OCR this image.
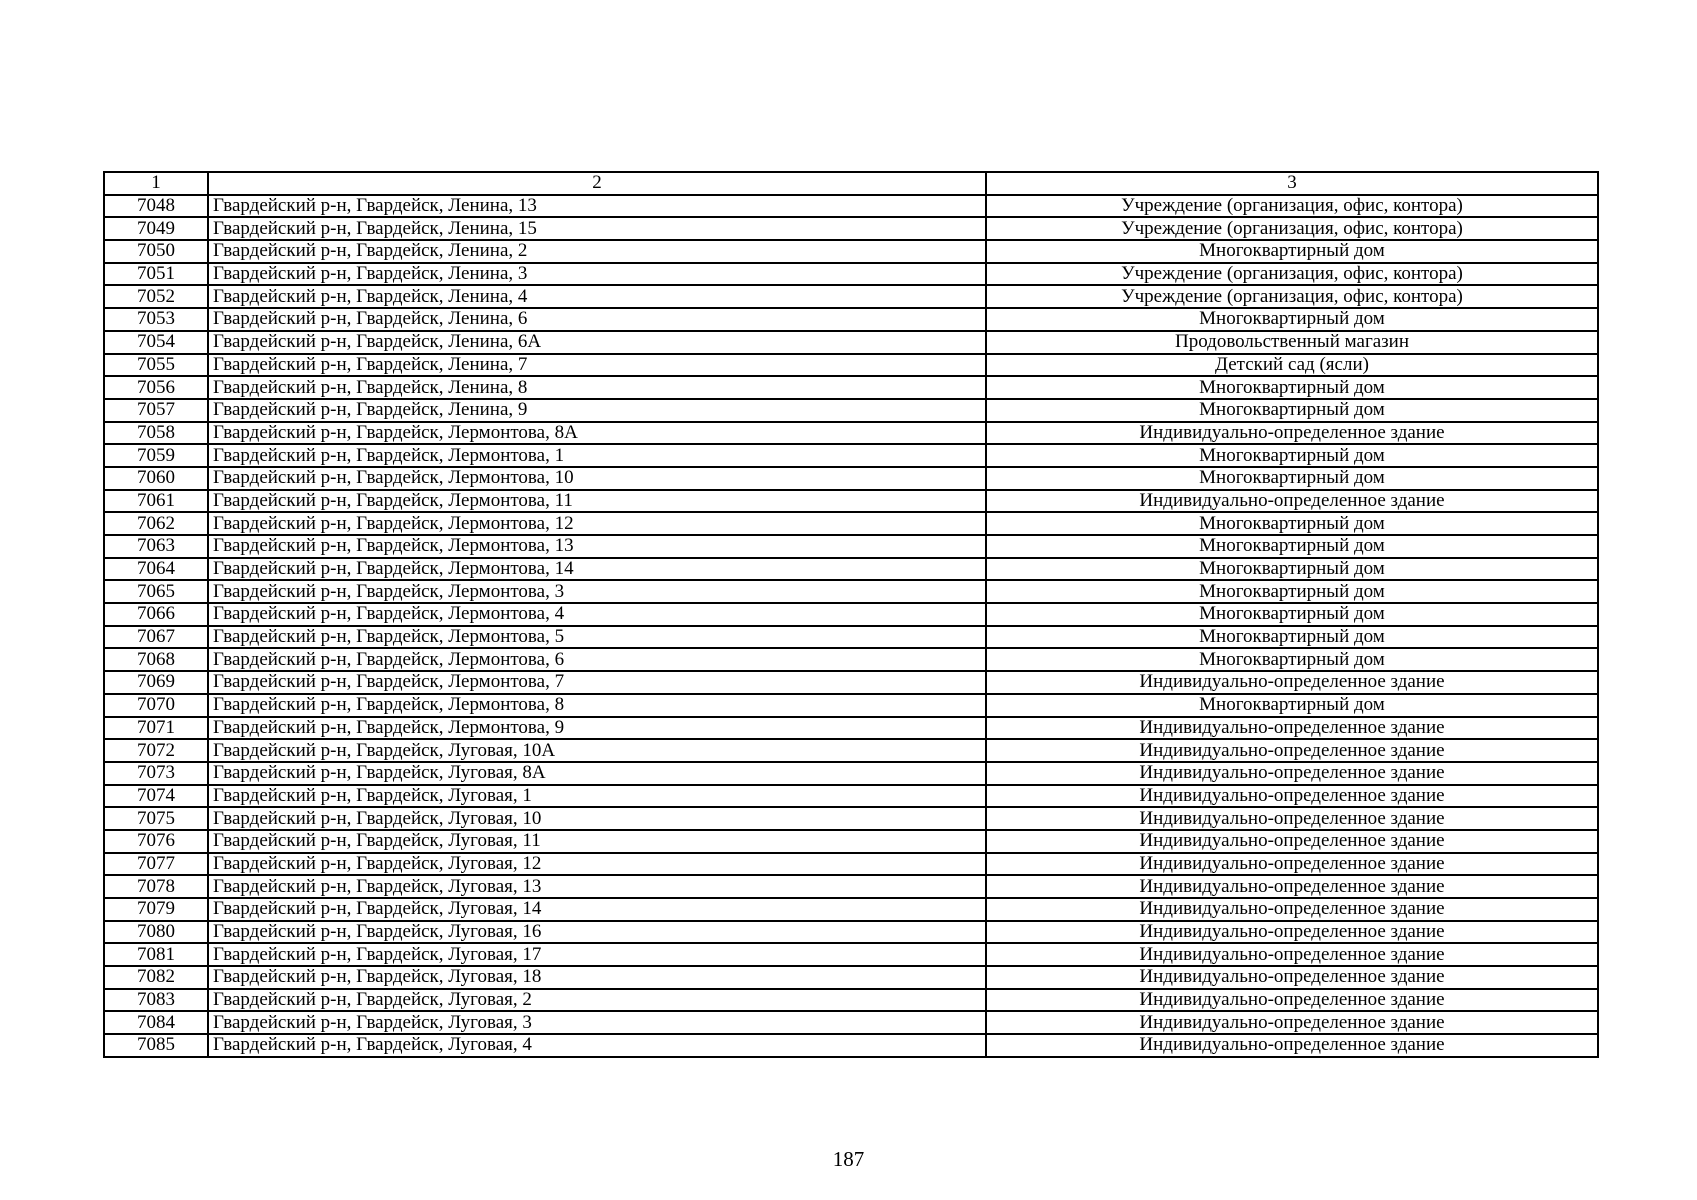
1	2	3
7048	Гвардейский р-н, Гвардейск, Ленина, 13	Учреждение (организация, офис, контора)
7049	Гвардейский р-н, Гвардейск, Ленина, 15	Учреждение (организация, офис, контора)
7050	Гвардейский р-н, Гвардейск, Ленина, 2	Многоквартирный дом
7051	Гвардейский р-н, Гвардейск, Ленина, 3	Учреждение (организация, офис, контора)
7052	Гвардейский р-н, Гвардейск, Ленина, 4	Учреждение (организация, офис, контора)
7053	Гвардейский р-н, Гвардейск, Ленина, 6	Многоквартирный дом
7054	Гвардейский р-н, Гвардейск, Ленина, 6А	Продовольственный магазин
7055	Гвардейский р-н, Гвардейск, Ленина, 7	Детский сад (ясли)
7056	Гвардейский р-н, Гвардейск, Ленина, 8	Многоквартирный дом
7057	Гвардейский р-н, Гвардейск, Ленина, 9	Многоквартирный дом
7058	Гвардейский р-н, Гвардейск, Лермонтова, 8А	Индивидуально-определенное здание
7059	Гвардейский р-н, Гвардейск, Лермонтова, 1	Многоквартирный дом
7060	Гвардейский р-н, Гвардейск, Лермонтова, 10	Многоквартирный дом
7061	Гвардейский р-н, Гвардейск, Лермонтова, 11	Индивидуально-определенное здание
7062	Гвардейский р-н, Гвардейск, Лермонтова, 12	Многоквартирный дом
7063	Гвардейский р-н, Гвардейск, Лермонтова, 13	Многоквартирный дом
7064	Гвардейский р-н, Гвардейск, Лермонтова, 14	Многоквартирный дом
7065	Гвардейский р-н, Гвардейск, Лермонтова, 3	Многоквартирный дом
7066	Гвардейский р-н, Гвардейск, Лермонтова, 4	Многоквартирный дом
7067	Гвардейский р-н, Гвардейск, Лермонтова, 5	Многоквартирный дом
7068	Гвардейский р-н, Гвардейск, Лермонтова, 6	Многоквартирный дом
7069	Гвардейский р-н, Гвардейск, Лермонтова, 7	Индивидуально-определенное здание
7070	Гвардейский р-н, Гвардейск, Лермонтова, 8	Многоквартирный дом
7071	Гвардейский р-н, Гвардейск, Лермонтова, 9	Индивидуально-определенное здание
7072	Гвардейский р-н, Гвардейск, Луговая, 10А	Индивидуально-определенное здание
7073	Гвардейский р-н, Гвардейск, Луговая, 8А	Индивидуально-определенное здание
7074	Гвардейский р-н, Гвардейск, Луговая, 1	Индивидуально-определенное здание
7075	Гвардейский р-н, Гвардейск, Луговая, 10	Индивидуально-определенное здание
7076	Гвардейский р-н, Гвардейск, Луговая, 11	Индивидуально-определенное здание
7077	Гвардейский р-н, Гвардейск, Луговая, 12	Индивидуально-определенное здание
7078	Гвардейский р-н, Гвардейск, Луговая, 13	Индивидуально-определенное здание
7079	Гвардейский р-н, Гвардейск, Луговая, 14	Индивидуально-определенное здание
7080	Гвардейский р-н, Гвардейск, Луговая, 16	Индивидуально-определенное здание
7081	Гвардейский р-н, Гвардейск, Луговая, 17	Индивидуально-определенное здание
7082	Гвардейский р-н, Гвардейск, Луговая, 18	Индивидуально-определенное здание
7083	Гвардейский р-н, Гвардейск, Луговая, 2	Индивидуально-определенное здание
7084	Гвардейский р-н, Гвардейск, Луговая, 3	Индивидуально-определенное здание
7085	Гвардейский р-н, Гвардейск, Луговая, 4	Индивидуально-определенное здание
187
